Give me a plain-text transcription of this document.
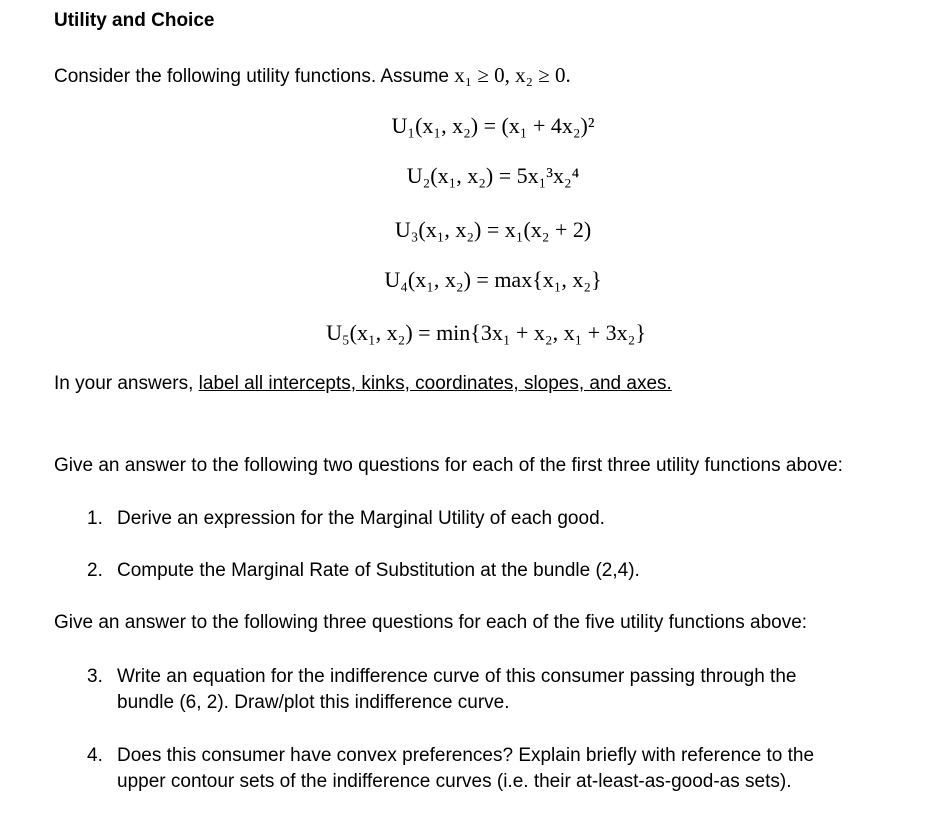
Utility and Choice
Consider the following utility functions. Assume x₁ ≥ 0, x₂ ≥ 0.
U₁(x₁, x₂) = (x₁ + 4x₂)²
U₂(x₁, x₂) = 5x₁³x₂⁴
U₃(x₁, x₂) = x₁(x₂ + 2)
U₄(x₁, x₂) = max{x₁, x₂}
U₅(x₁, x₂) = min{3x₁ + x₂, x₁ + 3x₂}
In your answers, label all intercepts, kinks, coordinates, slopes, and axes.
Give an answer to the following two questions for each of the first three utility functions above:
1. Derive an expression for the Marginal Utility of each good.
2. Compute the Marginal Rate of Substitution at the bundle (2,4).
Give an answer to the following three questions for each of the five utility functions above:
3. Write an equation for the indifference curve of this consumer passing through the
bundle (6, 2). Draw/plot this indifference curve.
4. Does this consumer have convex preferences? Explain briefly with reference to the
upper contour sets of the indifference curves (i.e. their at-least-as-good-as sets).
